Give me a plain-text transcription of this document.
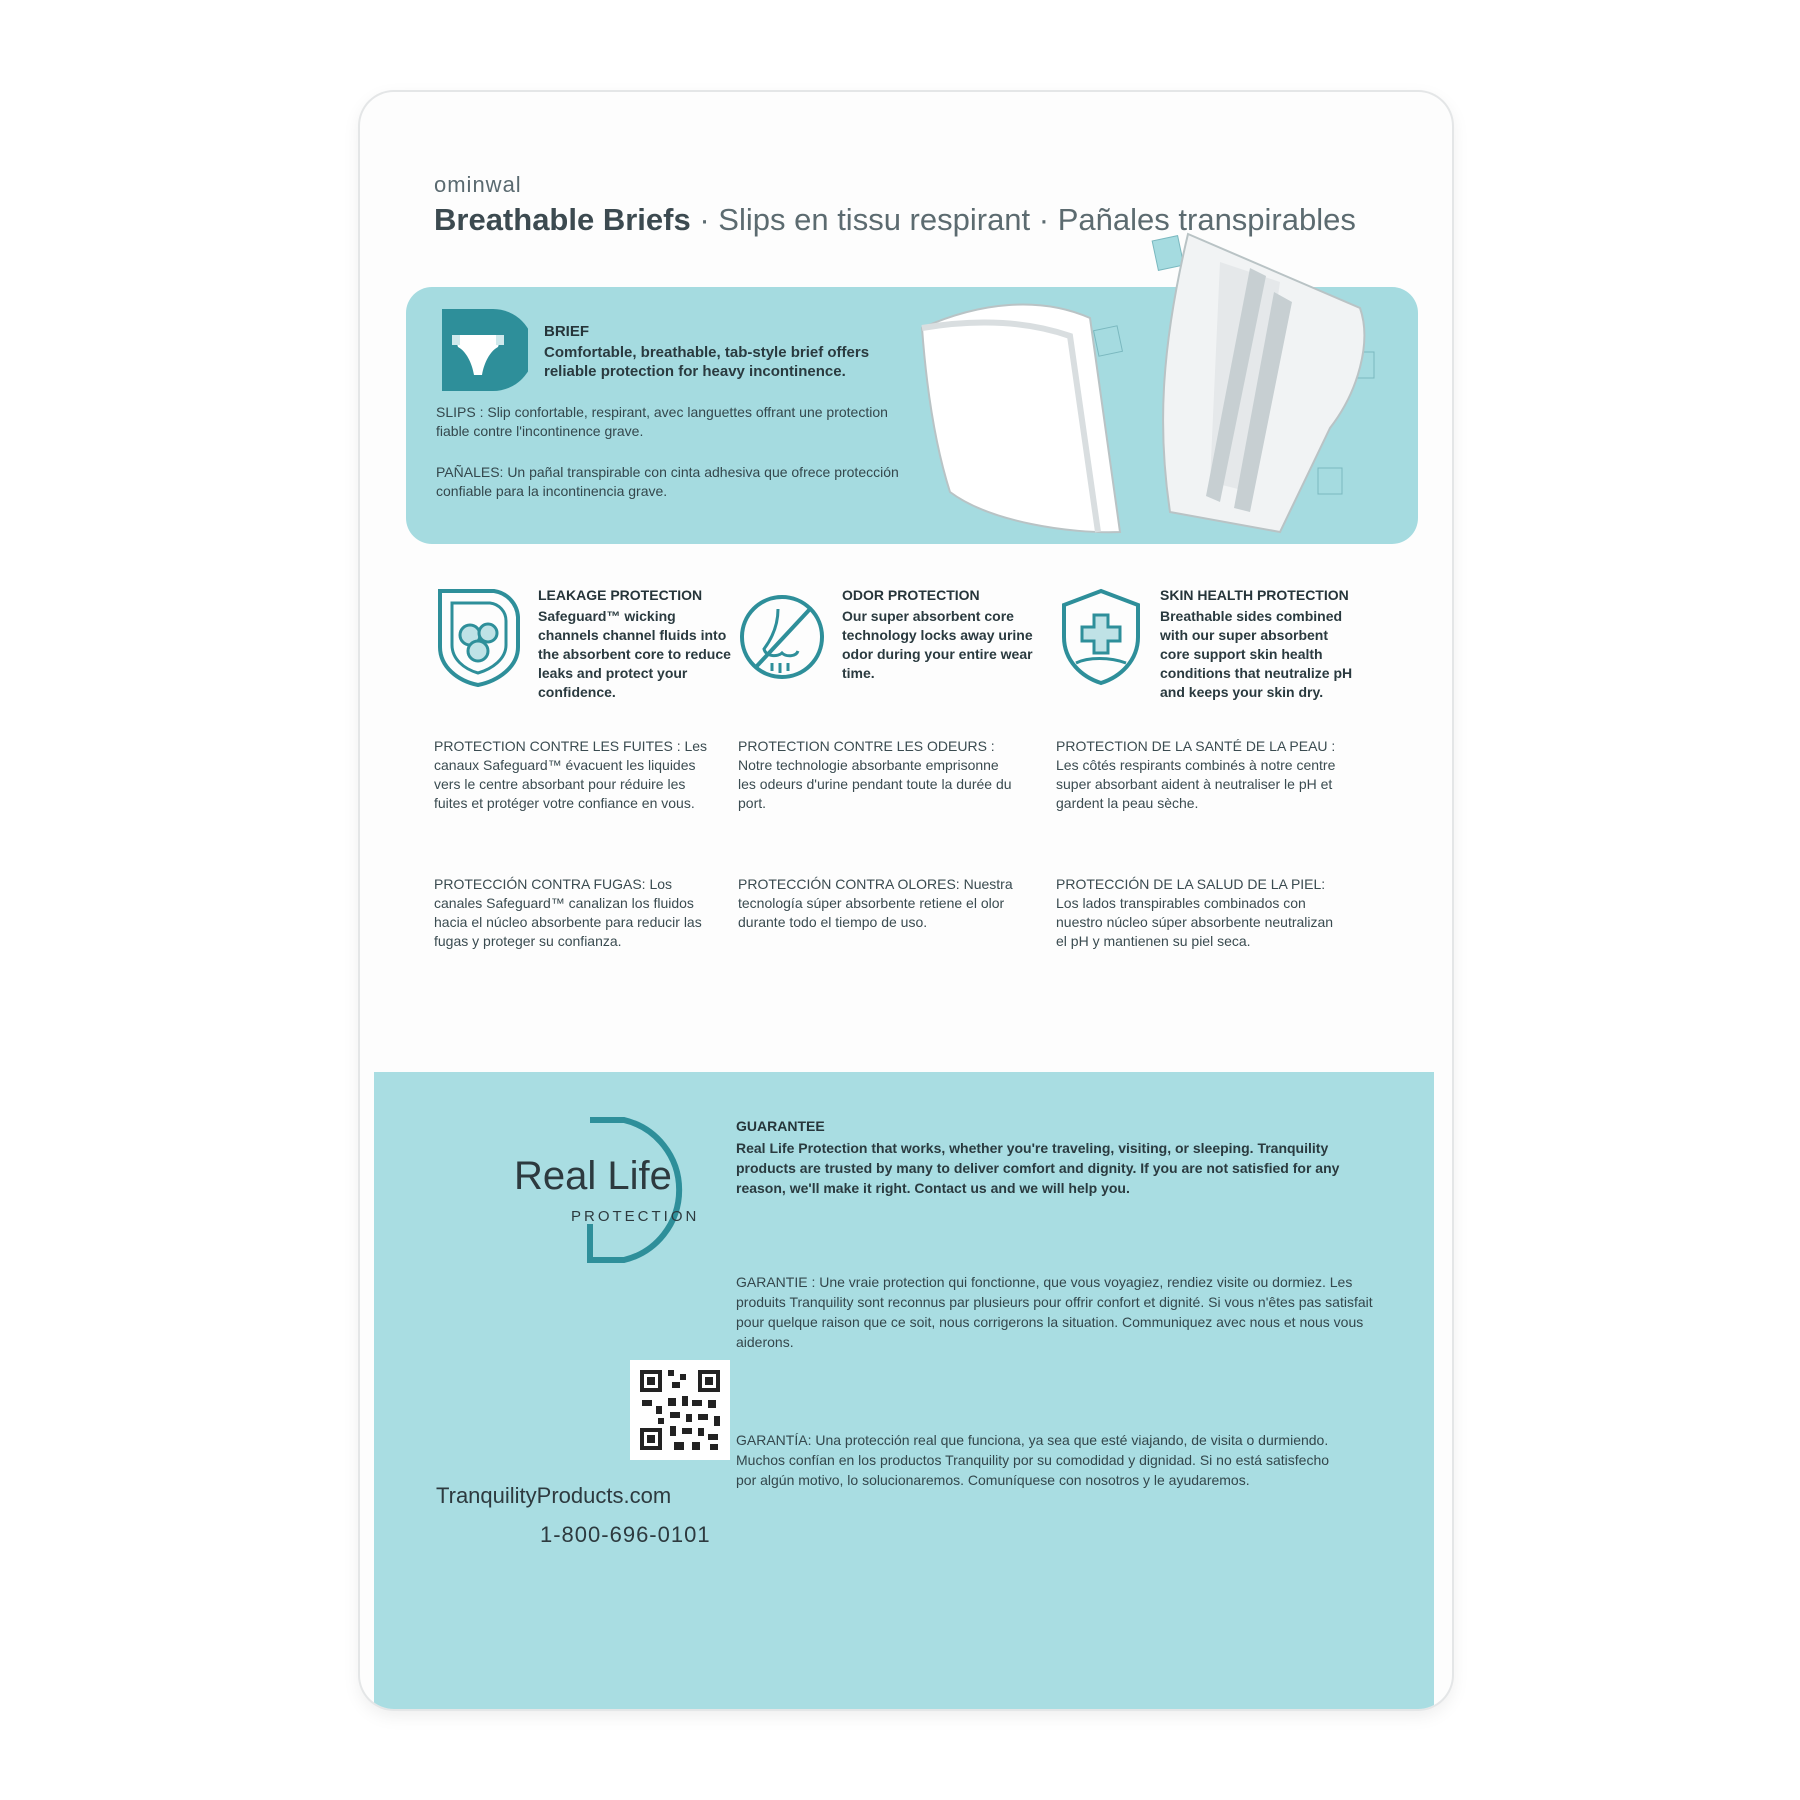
ominwal
Breathable Briefs · Slips en tissu respirant · Pañales transpirables
BRIEF
Comfortable, breathable, tab-style brief offers reliable protection for heavy incontinence.
SLIPS : Slip confortable, respirant, avec languettes offrant une protection fiable contre l'incontinence grave.
PAÑALES: Un pañal transpirable con cinta adhesiva que ofrece protección confiable para la incontinencia grave.
LEAKAGE PROTECTION
Safeguard™ wicking channels channel fluids into the absorbent core to reduce leaks and protect your confidence.
PROTECTION CONTRE LES FUITES : Les canaux Safeguard™ évacuent les liquides vers le centre absorbant pour réduire les fuites et protéger votre confiance en vous.
PROTECCIÓN CONTRA FUGAS: Los canales Safeguard™ canalizan los fluidos hacia el núcleo absorbente para reducir las fugas y proteger su confianza.
ODOR PROTECTION
Our super absorbent core technology locks away urine odor during your entire wear time.
PROTECTION CONTRE LES ODEURS : Notre technologie absorbante emprisonne les odeurs d'urine pendant toute la durée du port.
PROTECCIÓN CONTRA OLORES: Nuestra tecnología súper absorbente retiene el olor durante todo el tiempo de uso.
SKIN HEALTH PROTECTION
Breathable sides combined with our super absorbent core support skin health conditions that neutralize pH and keeps your skin dry.
PROTECTION DE LA SANTÉ DE LA PEAU : Les côtés respirants combinés à notre centre super absorbant aident à neutraliser le pH et gardent la peau sèche.
PROTECCIÓN DE LA SALUD DE LA PIEL: Los lados transpirables combinados con nuestro núcleo súper absorbente neutralizan el pH y mantienen su piel seca.
Real Life
PROTECTION
TranquilityProducts.com
1-800-696-0101
GUARANTEE
Real Life Protection that works, whether you're traveling, visiting, or sleeping. Tranquility products are trusted by many to deliver comfort and dignity. If you are not satisfied for any reason, we'll make it right. Contact us and we will help you.
GARANTIE : Une vraie protection qui fonctionne, que vous voyagiez, rendiez visite ou dormiez. Les produits Tranquility sont reconnus par plusieurs pour offrir confort et dignité. Si vous n'êtes pas satisfait pour quelque raison que ce soit, nous corrigerons la situation. Communiquez avec nous et nous vous aiderons.
GARANTÍA: Una protección real que funciona, ya sea que esté viajando, de visita o durmiendo. Muchos confían en los productos Tranquility por su comodidad y dignidad. Si no está satisfecho por algún motivo, lo solucionaremos. Comuníquese con nosotros y le ayudaremos.
